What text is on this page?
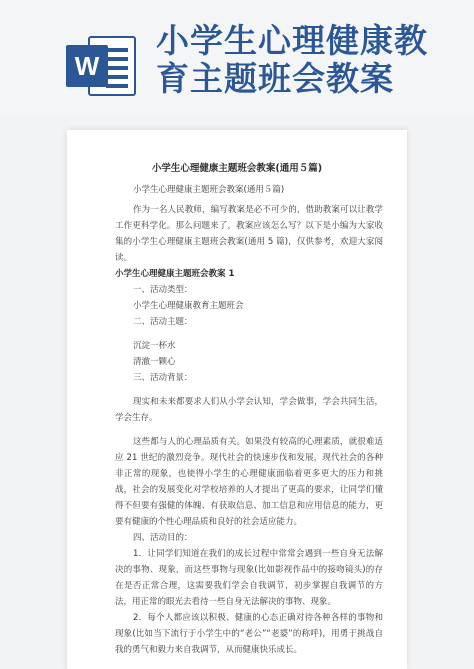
W
小学生心理健康教育主题班会教案
小学生心理健康主题班会教案(通用５篇)
小学生心理健康主题班会教案(通用５篇)
作为一名人民教师，编写教案是必不可少的，借助教案可以让教学工作更科学化。那么问题来了，教案应该怎么写？以下是小编为大家收集的小学生心理健康主题班会教案(通用 5 篇)，仅供参考，欢迎大家阅读。
小学生心理健康主题班会教案 1
一、活动类型：
小学生心理健康教育主题班会
二、活动主题：
沉淀一杯水
清澈一颗心
三、活动背景：
现实和未来都要求人们从小学会认知，学会做事，学会共同生活，学会生存。
这些都与人的心理品质有关。如果没有较高的心理素质，就很难适应 21 世纪的激烈竞争。现代社会的快速步伐和发展，现代社会的各种非正常的现象，也使得小学生的心理健康面临着更多更大的压力和挑战，社会的发展变化对学校培养的人才提出了更高的要求，让同学们懂得不但要有强健的体魄、有获取信息、加工信息和应用信息的能力，更要有健康的个性心理品质和良好的社会适应能力。
四、活动目的：
1．让同学们知道在我们的成长过程中常常会遇到一些自身无法解决的事物、现象，而这些事物与现象(比如影视作品中的接吻镜头)的存在是否正常合理，这需要我们学会自我调节，初步掌握自我调节的方法，用正常的眼光去看待一些自身无法解决的事物、现象。
2．每个人都应该以积极、健康的心态正确对待各种各样的事物和现象(比如当下流行于小学生中的“老公”“老婆”的称呼)，用勇于挑战自我的勇气和毅力来自我调节，从而健康快乐成长。
